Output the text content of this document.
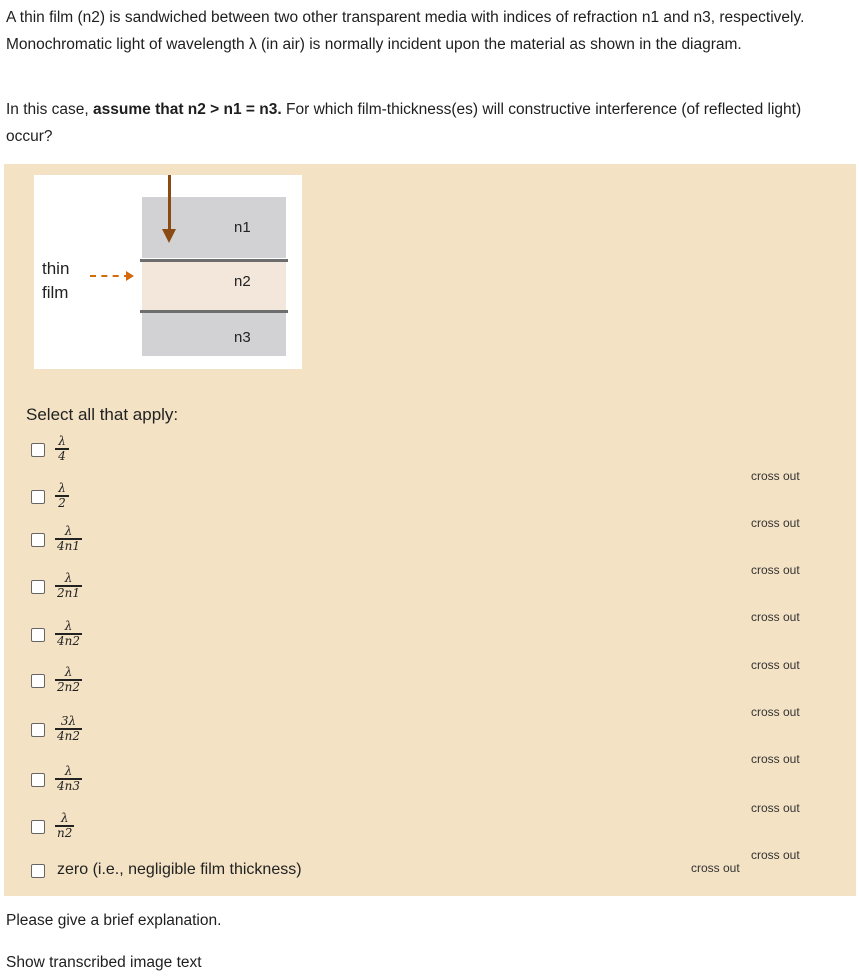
A thin film (n2) is sandwiched between two other transparent media with indices of refraction n1 and n3, respectively. Monochromatic light of wavelength λ (in air) is normally incident upon the material as shown in the diagram.
In this case, assume that n2 > n1 = n3. For which film-thickness(es) will constructive interference (of reflected light) occur?
n1
n2
n3
thin
film
Select all that apply:
λ
4
λ
2
λ
4n1
λ
2n1
λ
4n2
λ
2n2
3λ
4n2
λ
4n3
λ
n2
zero (i.e., negligible film thickness)
cross out
cross out
cross out
cross out
cross out
cross out
cross out
cross out
cross out
cross out
Please give a brief explanation.
Show transcribed image text
